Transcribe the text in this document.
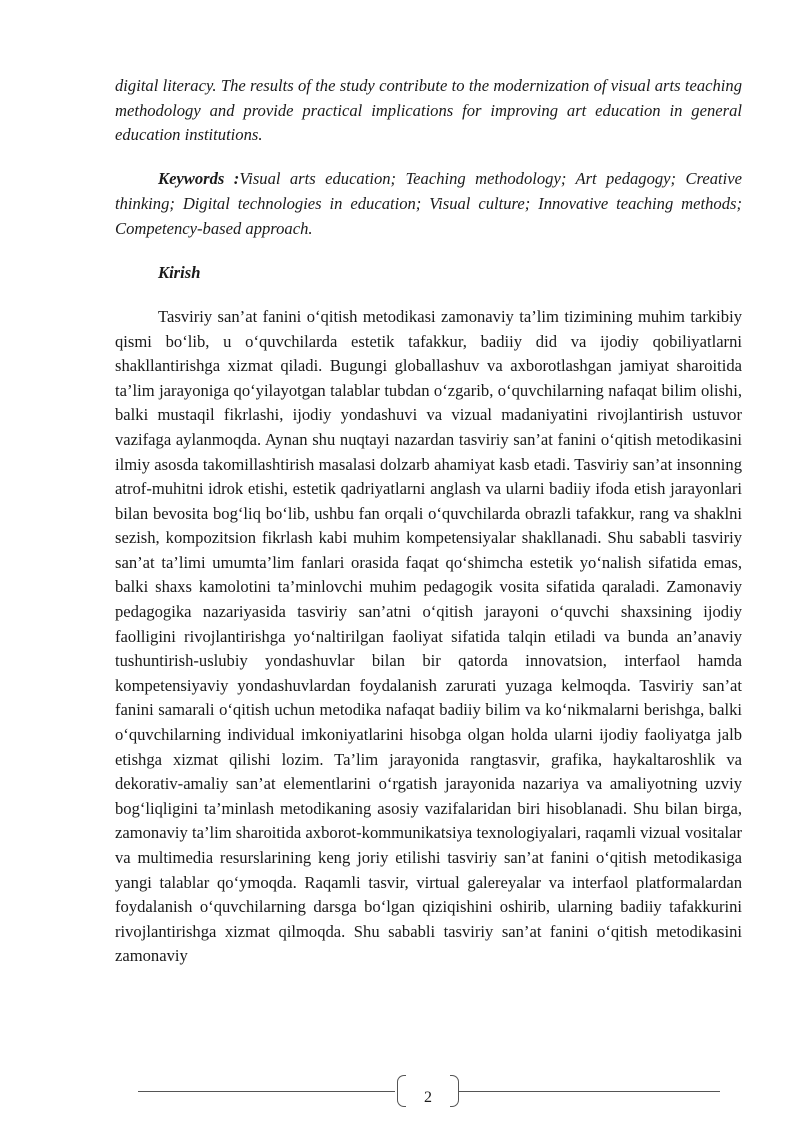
digital literacy. The results of the study contribute to the modernization of visual arts teaching methodology and provide practical implications for improving art education in general education institutions.

Keywords :Visual arts education; Teaching methodology; Art pedagogy; Creative thinking; Digital technologies in education; Visual culture; Innovative teaching methods; Competency-based approach.

Kirish

Tasviriy san’at fanini o‘qitish metodikasi zamonaviy ta’lim tizimining muhim tarkibiy qismi bo‘lib, u o‘quvchilarda estetik tafakkur, badiiy did va ijodiy qobiliyatlarni shakllantirishga xizmat qiladi. Bugungi globallashuv va axborotlashgan jamiyat sharoitida ta’lim jarayoniga qo‘yilayotgan talablar tubdan o‘zgarib, o‘quvchilarning nafaqat bilim olishi, balki mustaqil fikrlashi, ijodiy yondashuvi va vizual madaniyatini rivojlantirish ustuvor vazifaga aylanmoqda. Aynan shu nuqtayi nazardan tasviriy san’at fanini o‘qitish metodikasini ilmiy asosda takomillashtirish masalasi dolzarb ahamiyat kasb etadi. Tasviriy san’at insonning atrof-muhitni idrok etishi, estetik qadriyatlarni anglash va ularni badiiy ifoda etish jarayonlari bilan bevosita bog‘liq bo‘lib, ushbu fan orqali o‘quvchilarda obrazli tafakkur, rang va shaklni sezish, kompozitsion fikrlash kabi muhim kompetensiyalar shakllanadi. Shu sababli tasviriy san’at ta’limi umumta’lim fanlari orasida faqat qo‘shimcha estetik yo‘nalish sifatida emas, balki shaxs kamolotini ta’minlovchi muhim pedagogik vosita sifatida qaraladi. Zamonaviy pedagogika nazariyasida tasviriy san’atni o‘qitish jarayoni o‘quvchi shaxsining ijodiy faolligini rivojlantirishga yo‘naltirilgan faoliyat sifatida talqin etiladi va bunda an’anaviy tushuntirish-uslubiy yondashuvlar bilan bir qatorda innovatsion, interfaol hamda kompetensiyaviy yondashuvlardan foydalanish zarurati yuzaga kelmoqda. Tasviriy san’at fanini samarali o‘qitish uchun metodika nafaqat badiiy bilim va ko‘nikmalarni berishga, balki o‘quvchilarning individual imkoniyatlarini hisobga olgan holda ularni ijodiy faoliyatga jalb etishga xizmat qilishi lozim. Ta’lim jarayonida rangtasvir, grafika, haykaltaroshlik va dekorativ-amaliy san’at elementlarini o‘rgatish jarayonida nazariya va amaliyotning uzviy bog‘liqligini ta’minlash metodikaning asosiy vazifalaridan biri hisoblanadi. Shu bilan birga, zamonaviy ta’lim sharoitida axborot-kommunikatsiya texnologiyalari, raqamli vizual vositalar va multimedia resurslarining keng joriy etilishi tasviriy san’at fanini o‘qitish metodikasiga yangi talablar qo‘ymoqda. Raqamli tasvir, virtual galereyalar va interfaol platformalardan foydalanish o‘quvchilarning darsga bo‘lgan qiziqishini oshirib, ularning badiiy tafakkurini rivojlantirishga xizmat qilmoqda. Shu sababli tasviriy san’at fanini o‘qitish metodikasini zamonaviy

2
